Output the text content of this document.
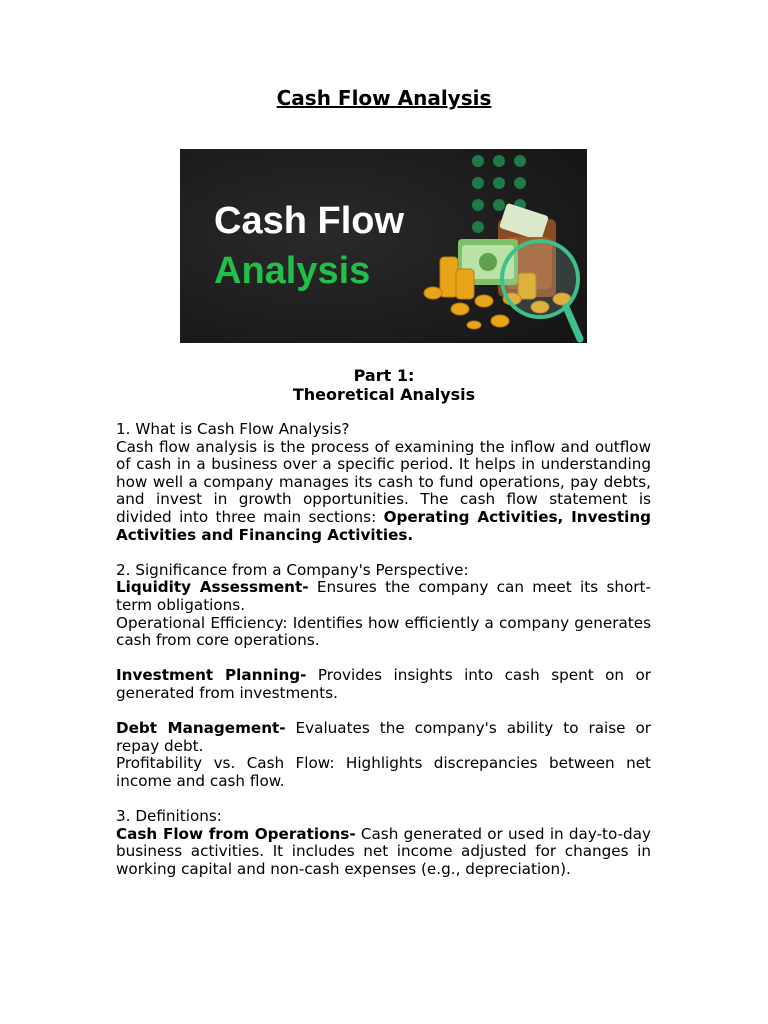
Cash Flow Analysis
Cash Flow
Analysis
Part 1:
Theoretical Analysis

1. What is Cash Flow Analysis?

Cash flow analysis is the process of examining the inflow and outflow of cash in a business over a specific period. It helps in understanding how well a company manages its cash to fund operations, pay debts, and invest in growth opportunities. The cash flow statement is divided into three main sections: Operating Activities, Investing Activities and Financing Activities.

2. Significance from a Company's Perspective:

Liquidity Assessment- Ensures the company can meet its short-term obligations.

Operational Efficiency: Identifies how efficiently a company generates cash from core operations.

Investment Planning- Provides insights into cash spent on or generated from investments.

Debt Management- Evaluates the company's ability to raise or repay debt.

Profitability vs. Cash Flow: Highlights discrepancies between net income and cash flow.

3. Definitions:

Cash Flow from Operations- Cash generated or used in day-to-day business activities. It includes net income adjusted for changes in working capital and non-cash expenses (e.g., depreciation).
